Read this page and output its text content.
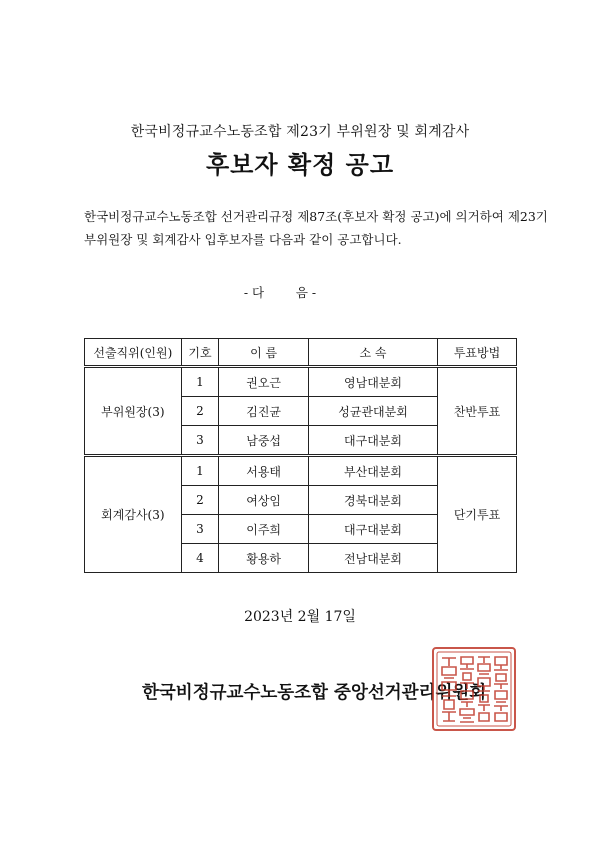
한국비정규교수노동조합 제23기 부위원장 및 회계감사
후보자 확정 공고
한국비정규교수노동조합 선거관리규정 제87조(후보자 확정 공고)에 의거하여 제23기
부위원장 및 회계감사 입후보자를 다음과 같이 공고합니다.
- 다        음 -
선출직위(인원)	기호	이 름	소 속	투표방법
부위원장(3)	1	권오근	영남대분회	찬반투표
	2	김진균	성균관대분회	
	3	남중섭	대구대분회	
회계감사(3)	1	서용태	부산대분회	단기투표
	2	여상임	경북대분회	
	3	이주희	대구대분회	
	4	황용하	전남대분회	
2023년 2월 17일
한국비정규교수노동조합 중앙선거관리위원회
